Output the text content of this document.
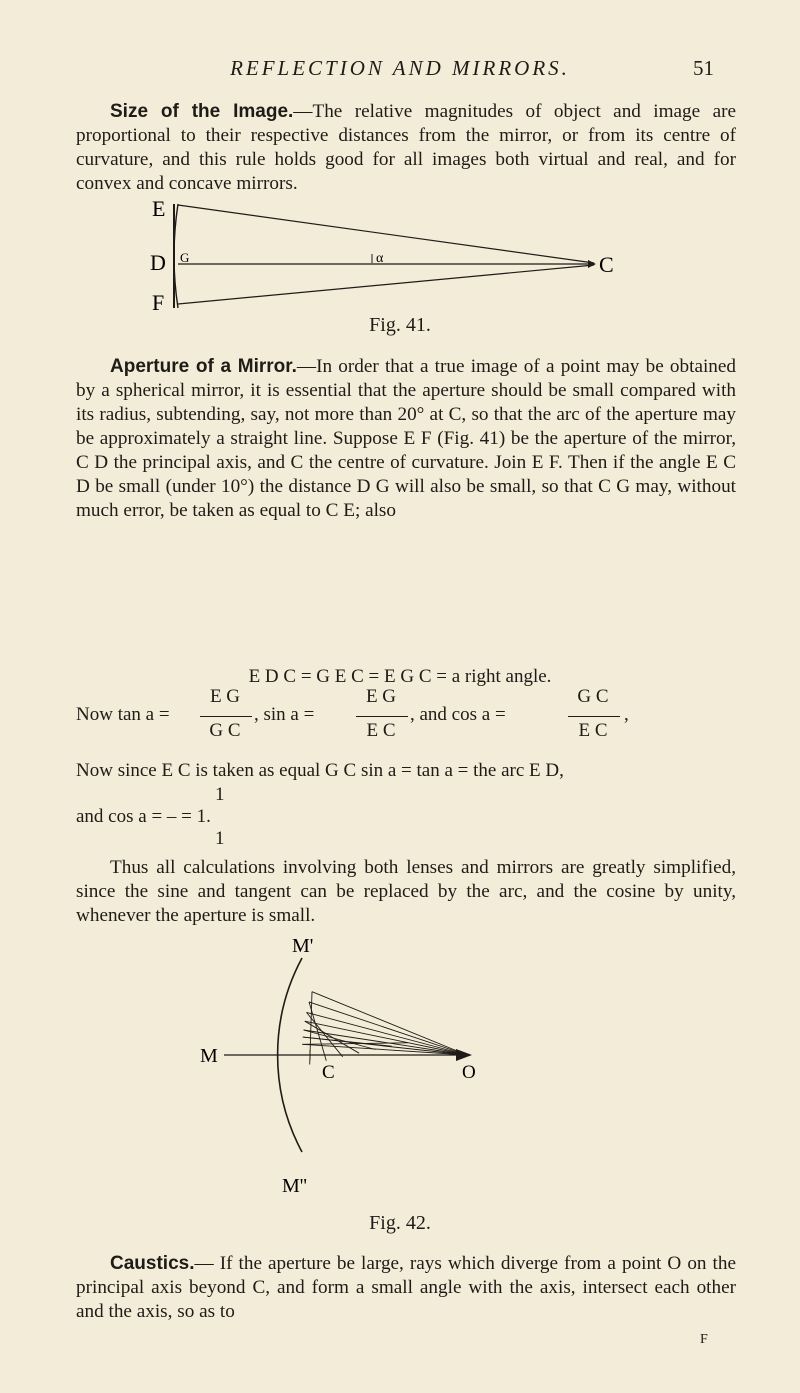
REFLECTION AND MIRRORS.	51

Size of the Image.—The relative magnitudes of object and image are proportional to their respective distances from the mirror, or from its centre of curvature, and this rule holds good for all images both virtual and real, and for convex and concave mirrors.

E
D
F
G	α	C
Fig. 41.

Aperture of a Mirror.—In order that a true image of a point may be obtained by a spherical mirror, it is essential that the aperture should be small compared with its radius, subtending, say, not more than 20° at C, so that the arc of the aperture may be approximately a straight line. Suppose E F (Fig. 41) be the aperture of the mirror, C D the principal axis, and C the centre of curvature. Join E F. Then if the angle E C D be small (under 10°) the distance D G will also be small, so that C G may, without much error, be taken as equal to C E; also

E D C = G E C = E G C = a right angle.
Now tan a =
E G
G C
, sin a =
E G
E C
, and cos a =
G C
E C
,
Now since E C is taken as equal G C sin a = tan a = the arc E D,
1
and cos a = – = 1.
1

Thus all calculations involving both lenses and mirrors are greatly simplified, since the sine and tangent can be replaced by the arc, and the cosine by unity, whenever the aperture is small.

M'
M
C	O
M''
Fig. 42.

Caustics.— If the aperture be large, rays which diverge from a point O on the principal axis beyond C, and form a small angle with the axis, intersect each other and the axis, so as to

F
